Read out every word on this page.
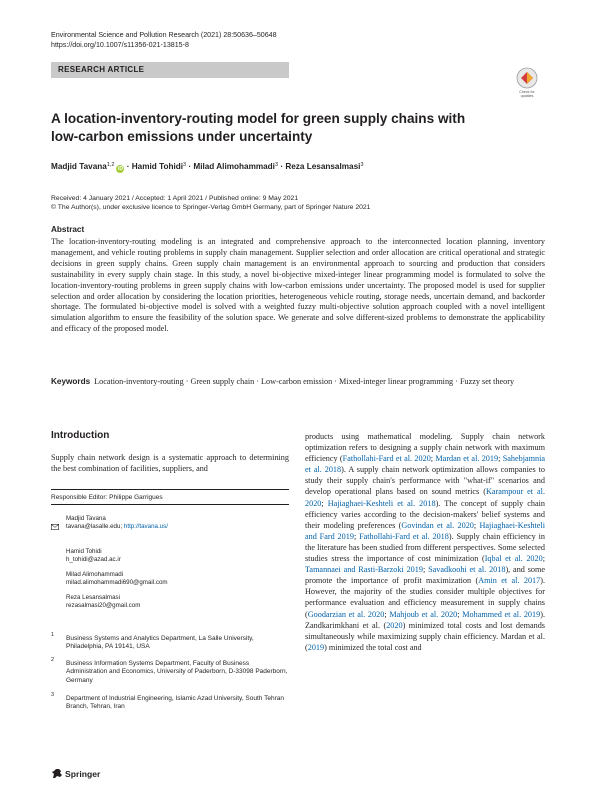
Environmental Science and Pollution Research (2021) 28:50636–50648
https://doi.org/10.1007/s11356-021-13815-8
RESEARCH ARTICLE
Check for
updates
A location-inventory-routing model for green supply chains with low-carbon emissions under uncertainty
Madjid Tavana$^{1,2}$iD · Hamid Tohidi$^3$ · Milad Alimohammadi$^3$ · Reza Lesansalmasi$^3$
Received: 4 January 2021 / Accepted: 1 April 2021 / Published online: 9 May 2021
© The Author(s), under exclusive licence to Springer-Verlag GmbH Germany, part of Springer Nature 2021
Abstract
The location-inventory-routing modeling is an integrated and comprehensive approach to the interconnected location planning, inventory management, and vehicle routing problems in supply chain management. Supplier selection and order allocation are critical operational and strategic decisions in green supply chains. Green supply chain management is an environmental approach to sourcing and production that considers sustainability in every supply chain stage. In this study, a novel bi-objective mixed-integer linear programming model is formulated to solve the location-inventory-routing problems in green supply chains with low-carbon emissions under uncertainty. The proposed model is used for supplier selection and order allocation by considering the location priorities, heterogeneous vehicle routing, storage needs, uncertain demand, and backorder shortage. The formulated bi-objective model is solved with a weighted fuzzy multi-objective solution approach coupled with a novel intelligent simulation algorithm to ensure the feasibility of the solution space. We generate and solve different-sized problems to demonstrate the applicability and efficacy of the proposed model.
Keywords Location-inventory-routing · Green supply chain · Low-carbon emission · Mixed-integer linear programming · Fuzzy set theory
Introduction
Supply chain network design is a systematic approach to determining the best combination of facilities, suppliers, and
Responsible Editor: Philippe Garrigues
Madjid Tavana
tavana@lasalle.edu; http://tavana.us/
Hamid Tohidi
h_tohidi@azad.ac.ir
Milad Alimohammadi
milad.alimohammadi690@gmail.com
Reza Lesansalmasi
rezasalmasi20@gmail.com
1 Business Systems and Analytics Department, La Salle University, Philadelphia, PA 19141, USA
2 Business Information Systems Department, Faculty of Business Administration and Economics, University of Paderborn, D-33098 Paderborn, Germany
3 Department of Industrial Engineering, Islamic Azad University, South Tehran Branch, Tehran, Iran
Springer
products using mathematical modeling. Supply chain network optimization refers to designing a supply chain network with maximum efficiency (Fathollahi-Fard et al. 2020; Mardan et al. 2019; Sahebjamnia et al. 2018). A supply chain network optimization allows companies to study their supply chain's performance with "what-if" scenarios and develop operational plans based on sound metrics (Karampour et al. 2020; Hajiaghaei-Keshteli et al. 2018). The concept of supply chain efficiency varies according to the decision-makers' belief systems and their modeling preferences (Govindan et al. 2020; Hajiaghaei-Keshteli and Fard 2019; Fathollahi-Fard et al. 2018). Supply chain efficiency in the literature has been studied from different perspectives. Some selected studies stress the importance of cost minimization (Iqbal et al. 2020; Tamannaei and Rasti-Barzoki 2019; Savadkoohi et al. 2018), and some promote the importance of profit maximization (Amin et al. 2017). However, the majority of the studies consider multiple objectives for performance evaluation and efficiency measurement in supply chains (Goodarzian et al. 2020; Mahjoub et al. 2020; Mohammed et al. 2019). Zandkarimkhani et al. (2020) minimized total costs and lost demands simultaneously while maximizing supply chain efficiency. Mardan et al. (2019) minimized the total cost and
